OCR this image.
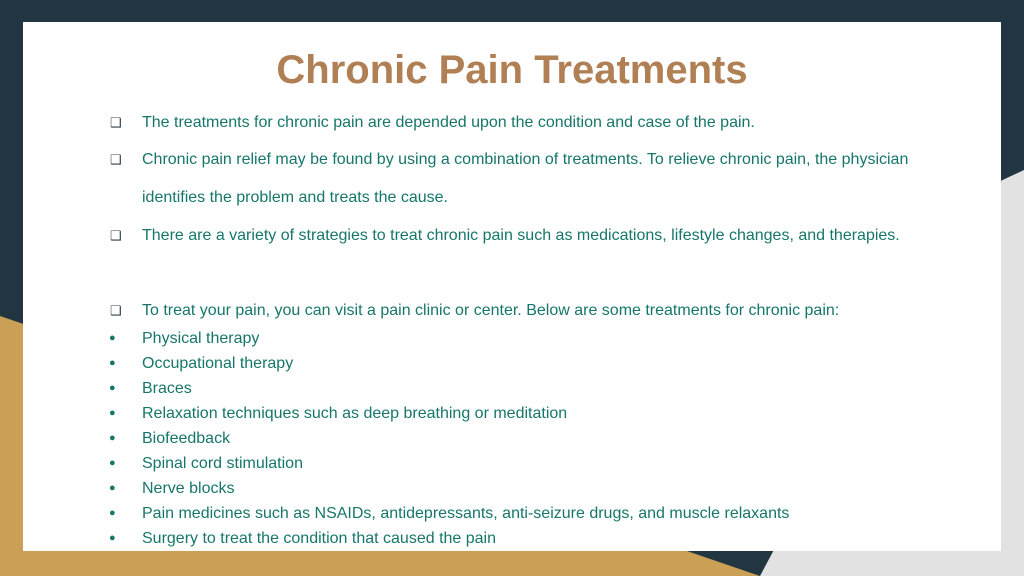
Chronic Pain Treatments
❑ The treatments for chronic pain are depended upon the condition and case of the pain.
❑ Chronic pain relief may be found by using a combination of treatments. To relieve chronic pain, the physician identifies the problem and treats the cause.
❑ There are a variety of strategies to treat chronic pain such as medications, lifestyle changes, and therapies.
❑ To treat your pain, you can visit a pain clinic or center. Below are some treatments for chronic pain:
● Physical therapy
● Occupational therapy
● Braces
● Relaxation techniques such as deep breathing or meditation
● Biofeedback
● Spinal cord stimulation
● Nerve blocks
● Pain medicines such as NSAIDs, antidepressants, anti-seizure drugs, and muscle relaxants
● Surgery to treat the condition that caused the pain
